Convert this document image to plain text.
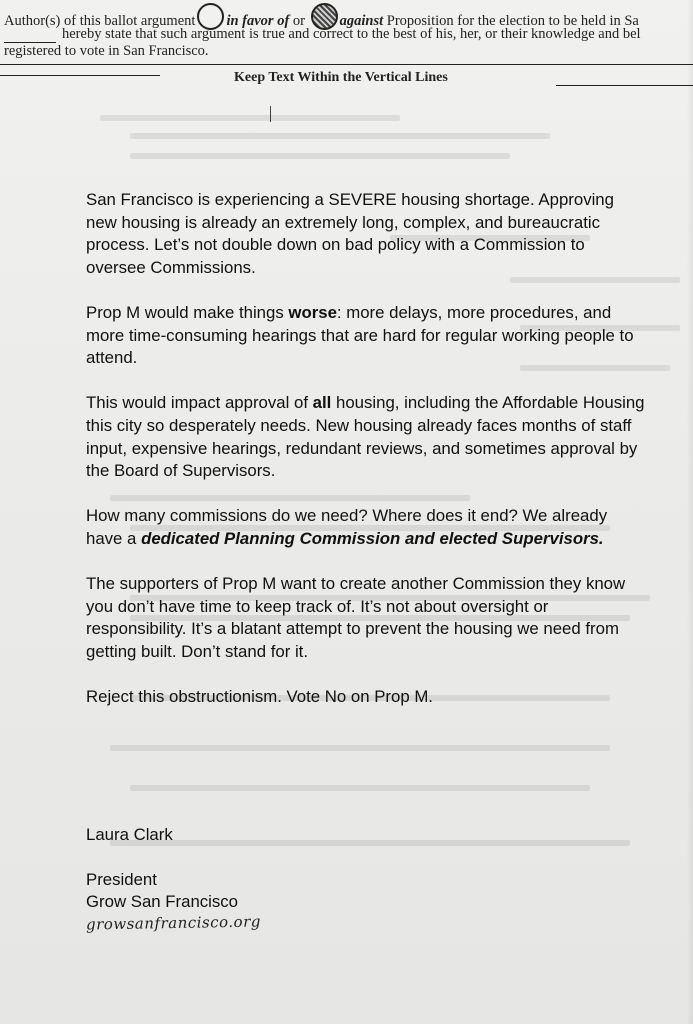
Author(s) of this ballot argument in favor of or against Proposition for the election to be held in Sa
hereby state that such argument is true and correct to the best of his, her, or their knowledge and bel
registered to vote in San Francisco.
Keep Text Within the Vertical Lines

San Francisco is experiencing a SEVERE housing shortage. Approving new housing is already an extremely long, complex, and bureaucratic process. Let’s not double down on bad policy with a Commission to oversee Commissions.

Prop M would make things worse: more delays, more procedures, and more time-consuming hearings that are hard for regular working people to attend.

This would impact approval of all housing, including the Affordable Housing this city so desperately needs. New housing already faces months of staff input, expensive hearings, redundant reviews, and sometimes approval by the Board of Supervisors.

How many commissions do we need? Where does it end? We already have a dedicated Planning Commission and elected Supervisors.

The supporters of Prop M want to create another Commission they know you don’t have time to keep track of. It’s not about oversight or responsibility. It’s a blatant attempt to prevent the housing we need from getting built. Don’t stand for it.

Reject this obstructionism. Vote No on Prop M.

Laura Clark
President
Grow San Francisco
growsanfrancisco.org
